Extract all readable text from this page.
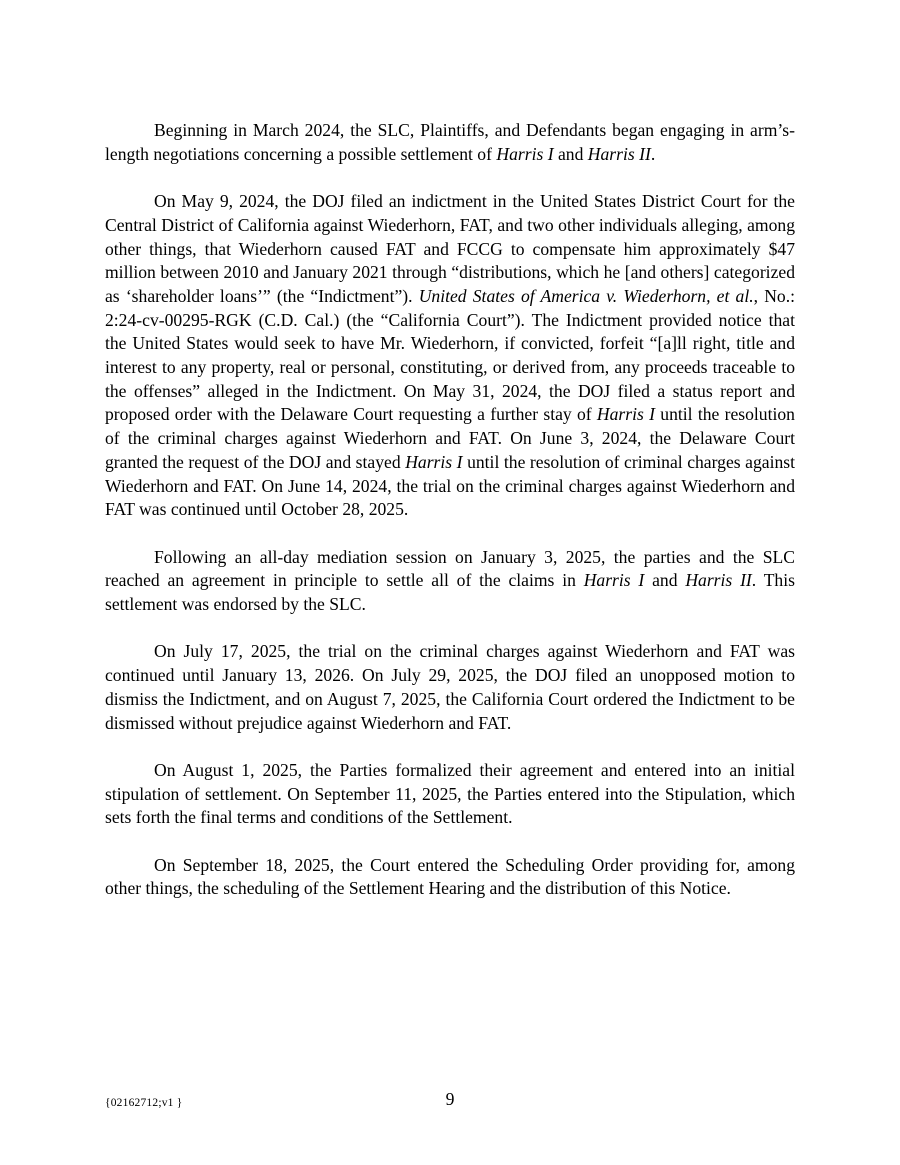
Beginning in March 2024, the SLC, Plaintiffs, and Defendants began engaging in arm’s-length negotiations concerning a possible settlement of Harris I and Harris II.

On May 9, 2024, the DOJ filed an indictment in the United States District Court for the Central District of California against Wiederhorn, FAT, and two other individuals alleging, among other things, that Wiederhorn caused FAT and FCCG to compensate him approximately $47 million between 2010 and January 2021 through “distributions, which he [and others] categorized as ‘shareholder loans’” (the “Indictment”). United States of America v. Wiederhorn, et al., No.: 2:24-cv-00295-RGK (C.D. Cal.) (the “California Court”). The Indictment provided notice that the United States would seek to have Mr. Wiederhorn, if convicted, forfeit “[a]ll right, title and interest to any property, real or personal, constituting, or derived from, any proceeds traceable to the offenses” alleged in the Indictment. On May 31, 2024, the DOJ filed a status report and proposed order with the Delaware Court requesting a further stay of Harris I until the resolution of the criminal charges against Wiederhorn and FAT. On June 3, 2024, the Delaware Court granted the request of the DOJ and stayed Harris I until the resolution of criminal charges against Wiederhorn and FAT. On June 14, 2024, the trial on the criminal charges against Wiederhorn and FAT was continued until October 28, 2025.

Following an all-day mediation session on January 3, 2025, the parties and the SLC reached an agreement in principle to settle all of the claims in Harris I and Harris II. This settlement was endorsed by the SLC.

On July 17, 2025, the trial on the criminal charges against Wiederhorn and FAT was continued until January 13, 2026. On July 29, 2025, the DOJ filed an unopposed motion to dismiss the Indictment, and on August 7, 2025, the California Court ordered the Indictment to be dismissed without prejudice against Wiederhorn and FAT.

On August 1, 2025, the Parties formalized their agreement and entered into an initial stipulation of settlement. On September 11, 2025, the Parties entered into the Stipulation, which sets forth the final terms and conditions of the Settlement.

On September 18, 2025, the Court entered the Scheduling Order providing for, among other things, the scheduling of the Settlement Hearing and the distribution of this Notice.

{02162712;v1 }	9
